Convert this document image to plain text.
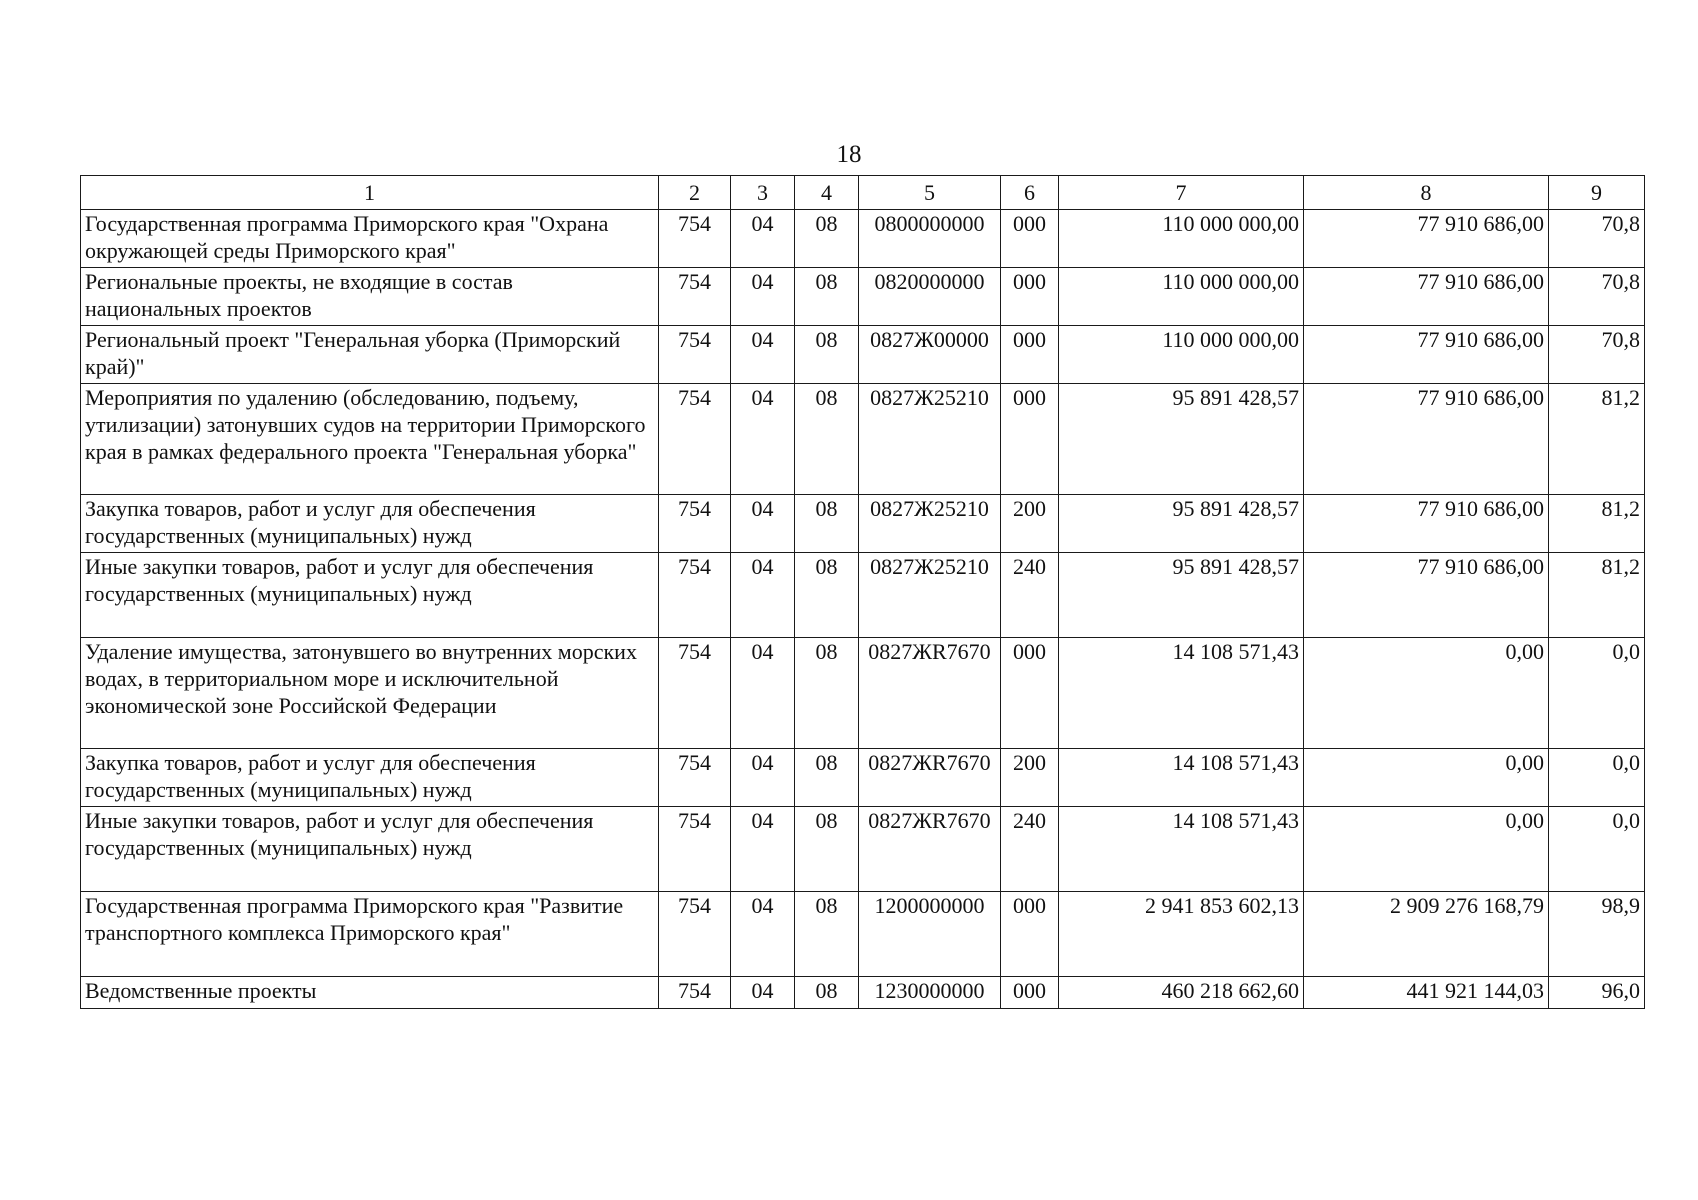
18
1	2	3	4	5	6	7	8	9
Государственная программа Приморского края "Охрана окружающей среды Приморского края"	754	04	08	0800000000	000	110 000 000,00	77 910 686,00	70,8
Региональные проекты, не входящие в состав национальных проектов	754	04	08	0820000000	000	110 000 000,00	77 910 686,00	70,8
Региональный проект "Генеральная уборка (Приморский край)"	754	04	08	0827Ж00000	000	110 000 000,00	77 910 686,00	70,8
Мероприятия по удалению (обследованию, подъему, утилизации) затонувших судов на территории Приморского края в рамках федерального проекта "Генеральная уборка"	754	04	08	0827Ж25210	000	95 891 428,57	77 910 686,00	81,2
Закупка товаров, работ и услуг для обеспечения государственных (муниципальных) нужд	754	04	08	0827Ж25210	200	95 891 428,57	77 910 686,00	81,2
Иные закупки товаров, работ и услуг для обеспечения государственных (муниципальных) нужд	754	04	08	0827Ж25210	240	95 891 428,57	77 910 686,00	81,2
Удаление имущества, затонувшего во внутренних морских водах, в территориальном море и исключительной экономической зоне Российской Федерации	754	04	08	0827ЖR7670	000	14 108 571,43	0,00	0,0
Закупка товаров, работ и услуг для обеспечения государственных (муниципальных) нужд	754	04	08	0827ЖR7670	200	14 108 571,43	0,00	0,0
Иные закупки товаров, работ и услуг для обеспечения государственных (муниципальных) нужд	754	04	08	0827ЖR7670	240	14 108 571,43	0,00	0,0
Государственная программа Приморского края "Развитие транспортного комплекса Приморского края"	754	04	08	1200000000	000	2 941 853 602,13	2 909 276 168,79	98,9
Ведомственные проекты	754	04	08	1230000000	000	460 218 662,60	441 921 144,03	96,0
